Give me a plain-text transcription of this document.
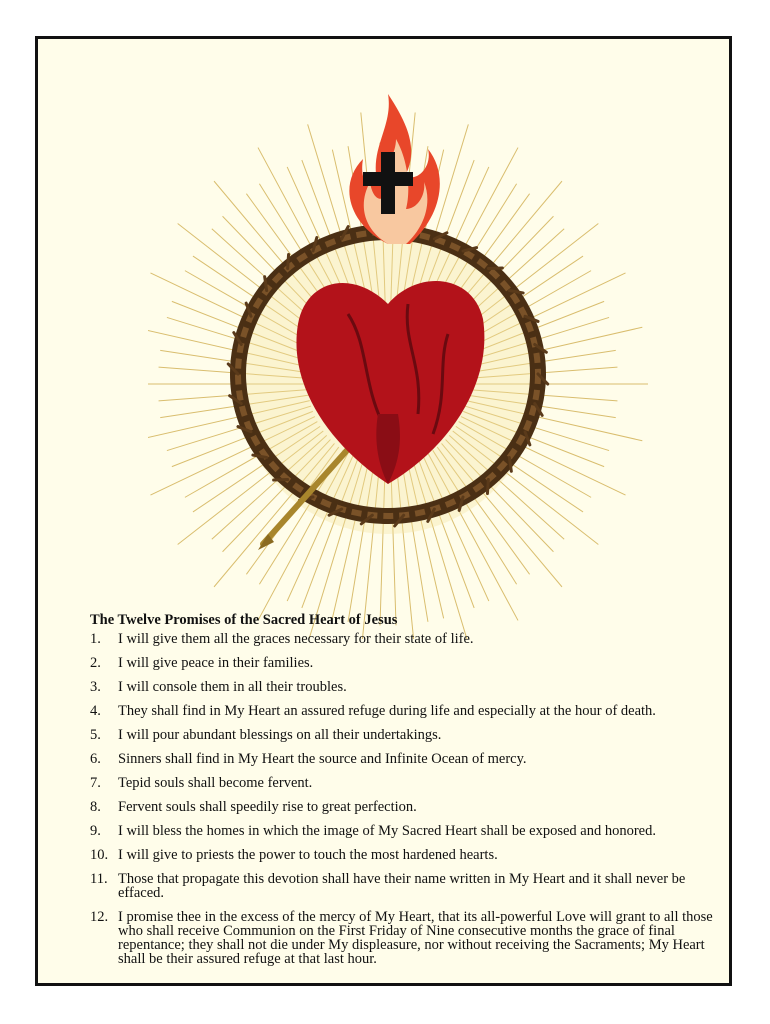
The Twelve Promises of the Sacred Heart of Jesus

1.	I will give them all the graces necessary for their state of life.
2.	I will give peace in their families.
3.	I will console them in all their troubles.
4.	They shall find in My Heart an assured refuge during life and especially at the hour of death.
5.	I will pour abundant blessings on all their undertakings.
6.	Sinners shall find in My Heart the source and Infinite Ocean of mercy.
7.	Tepid souls shall become fervent.
8.	Fervent souls shall speedily rise to great perfection.
9.	I will bless the homes in which the image of My Sacred Heart shall be exposed and honored.
10. I will give to priests the power to touch the most hardened hearts.
11. Those that propagate this devotion shall have their name written in My Heart and it shall never be effaced.
12. I promise thee in the excess of the mercy of My Heart, that its all-powerful Love will grant to all those who shall receive Communion on the First Friday of Nine consecutive months the grace of final repentance; they shall not die under My displeasure, nor without receiving the Sacraments; My Heart shall be their assured refuge at that last hour.
